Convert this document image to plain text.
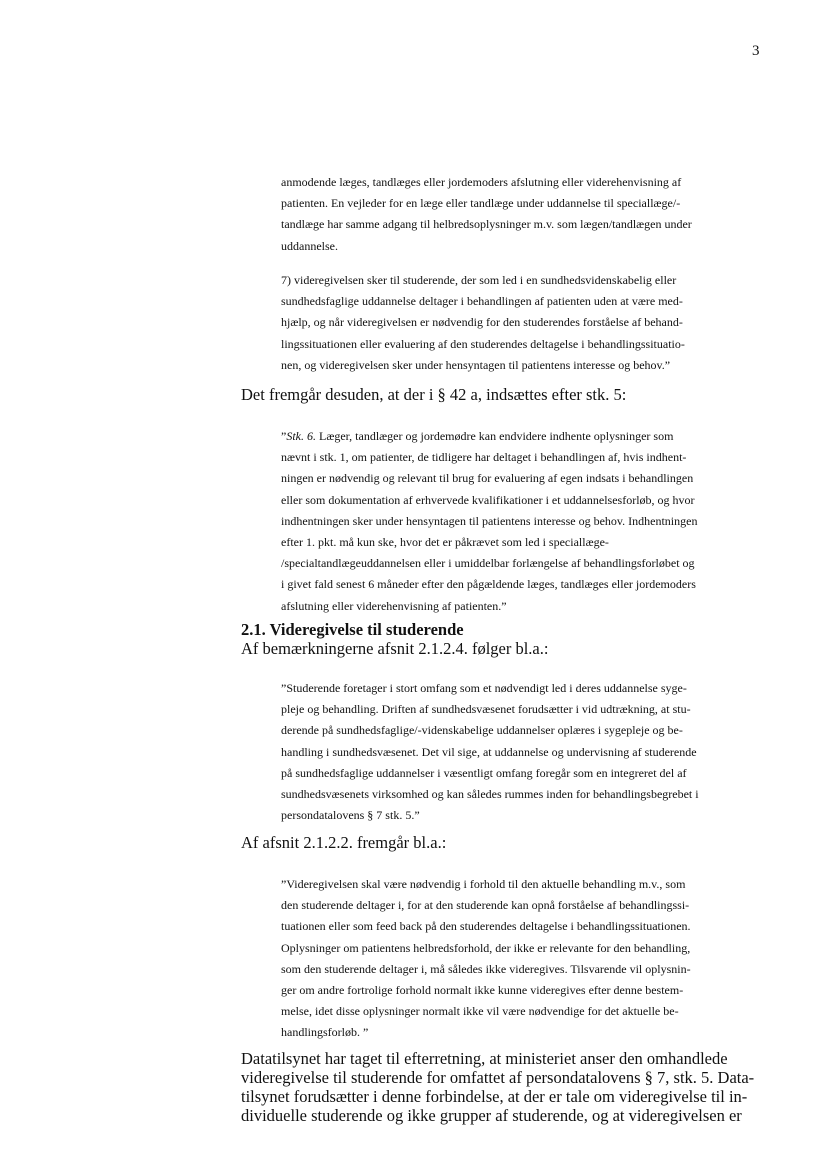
3

anmodende læges, tandlæges eller jordemoders afslutning eller viderehenvisning af
patienten. En vejleder for en læge eller tandlæge under uddannelse til speciallæge/-
tandlæge har samme adgang til helbredsoplysninger m.v. som lægen/tandlægen under
uddannelse.

7) videregivelsen sker til studerende, der som led i en sundhedsvidenskabelig eller
sundhedsfaglige uddannelse deltager i behandlingen af patienten uden at være med-
hjælp, og når videregivelsen er nødvendig for den studerendes forståelse af behand-
lingssituationen eller evaluering af den studerendes deltagelse i behandlingssituatio-
nen, og videregivelsen sker under hensyntagen til patientens interesse og behov.”

Det fremgår desuden, at der i § 42 a, indsættes efter stk. 5:

”Stk. 6. Læger, tandlæger og jordemødre kan endvidere indhente oplysninger som
nævnt i stk. 1, om patienter, de tidligere har deltaget i behandlingen af, hvis indhent-
ningen er nødvendig og relevant til brug for evaluering af egen indsats i behandlingen
eller som dokumentation af erhvervede kvalifikationer i et uddannelsesforløb, og hvor
indhentningen sker under hensyntagen til patientens interesse og behov. Indhentningen
efter 1. pkt. må kun ske, hvor det er påkrævet som led i speciallæge-
/specialtandlægeuddannelsen eller i umiddelbar forlængelse af behandlingsforløbet og
i givet fald senest 6 måneder efter den pågældende læges, tandlæges eller jordemoders
afslutning eller viderehenvisning af patienten.”

2.1. Videregivelse til studerende

Af bemærkningerne afsnit 2.1.2.4. følger bl.a.:

”Studerende foretager i stort omfang som et nødvendigt led i deres uddannelse syge-
pleje og behandling. Driften af sundhedsvæsenet forudsætter i vid udtrækning, at stu-
derende på sundhedsfaglige/-videnskabelige uddannelser oplæres i sygepleje og be-
handling i sundhedsvæsenet. Det vil sige, at uddannelse og undervisning af studerende
på sundhedsfaglige uddannelser i væsentligt omfang foregår som en integreret del af
sundhedsvæsenets virksomhed og kan således rummes inden for behandlingsbegrebet i
persondatalovens § 7 stk. 5.”

Af afsnit 2.1.2.2. fremgår bl.a.:

”Videregivelsen skal være nødvendig i forhold til den aktuelle behandling m.v., som
den studerende deltager i, for at den studerende kan opnå forståelse af behandlingssi-
tuationen eller som feed back på den studerendes deltagelse i behandlingssituationen.
Oplysninger om patientens helbredsforhold, der ikke er relevante for den behandling,
som den studerende deltager i, må således ikke videregives. Tilsvarende vil oplysnin-
ger om andre fortrolige forhold normalt ikke kunne videregives efter denne bestem-
melse, idet disse oplysninger normalt ikke vil være nødvendige for det aktuelle be-
handlingsforløb. ”

Datatilsynet har taget til efterretning, at ministeriet anser den omhandlede
videregivelse til studerende for omfattet af persondatalovens § 7, stk. 5. Data-
tilsynet forudsætter i denne forbindelse, at der er tale om videregivelse til in-
dividuelle studerende og ikke grupper af studerende, og at videregivelsen er
